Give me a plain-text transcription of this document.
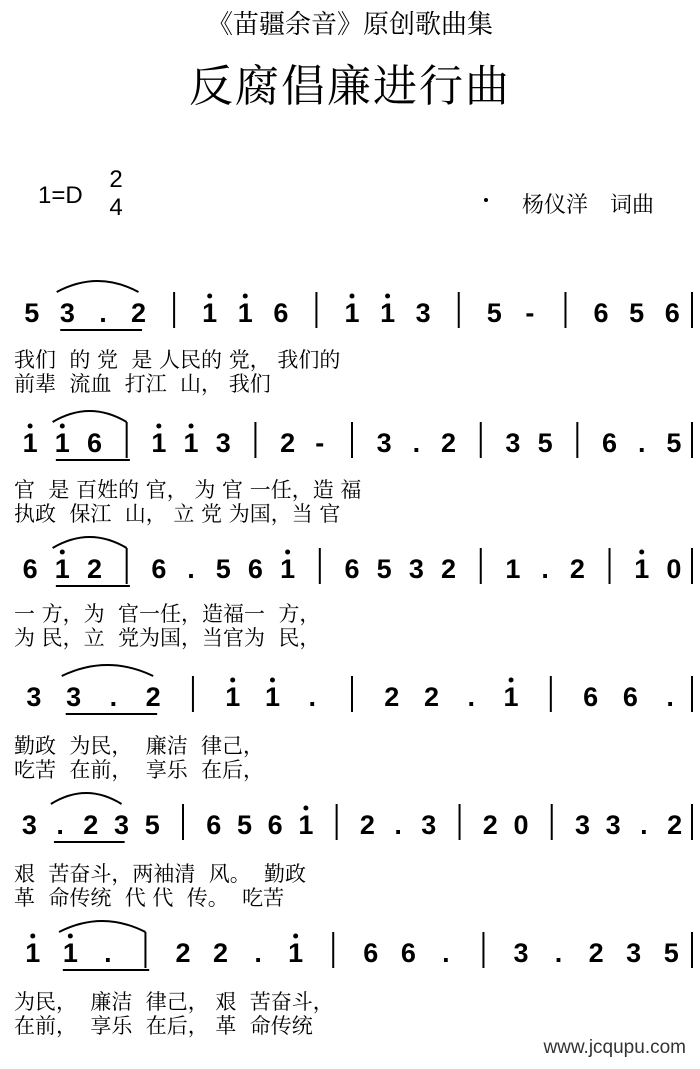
《苗疆余音》原创歌曲集
反腐倡廉进行曲
1=D
2
4	杨仪洋 词曲
5 3 . 2 1 1 6 1 1 3 5 - 6 5 6
1 1 6 1 1 3 2 - 3 . 2 3 5 6 . 5
6 1 2 6 . 5 6 1 6 5 3 2 1 . 2 1 0
3 3 . 2 1 1 .	2 2 . 1 6 6 .
3 . 2 3 5 6 5 6 1 2 . 3 2 0 3 3 . 2
1 1 . 2 2 . 1 6 6 . 3 . 2 3 5
我们  的 党  是 人民的 党， 我们的
前辈  流血  打江  山， 我们
官  是 百姓的 官， 为 官 一任，造 福
执政  保江  山， 立 党 为国，当 官
一 方，为  官一任，造福一  方，
为 民，立  党为国，当官为  民，
勤政  为民，  廉洁  律己，
吃苦  在前，  享乐  在后，
艰  苦奋斗，两袖清  风。  勤政
革  命传统  代 代  传。  吃苦
为民，  廉洁  律己， 艰  苦奋斗，
在前，  享乐  在后， 革  命传统
www.jcqupu.com
